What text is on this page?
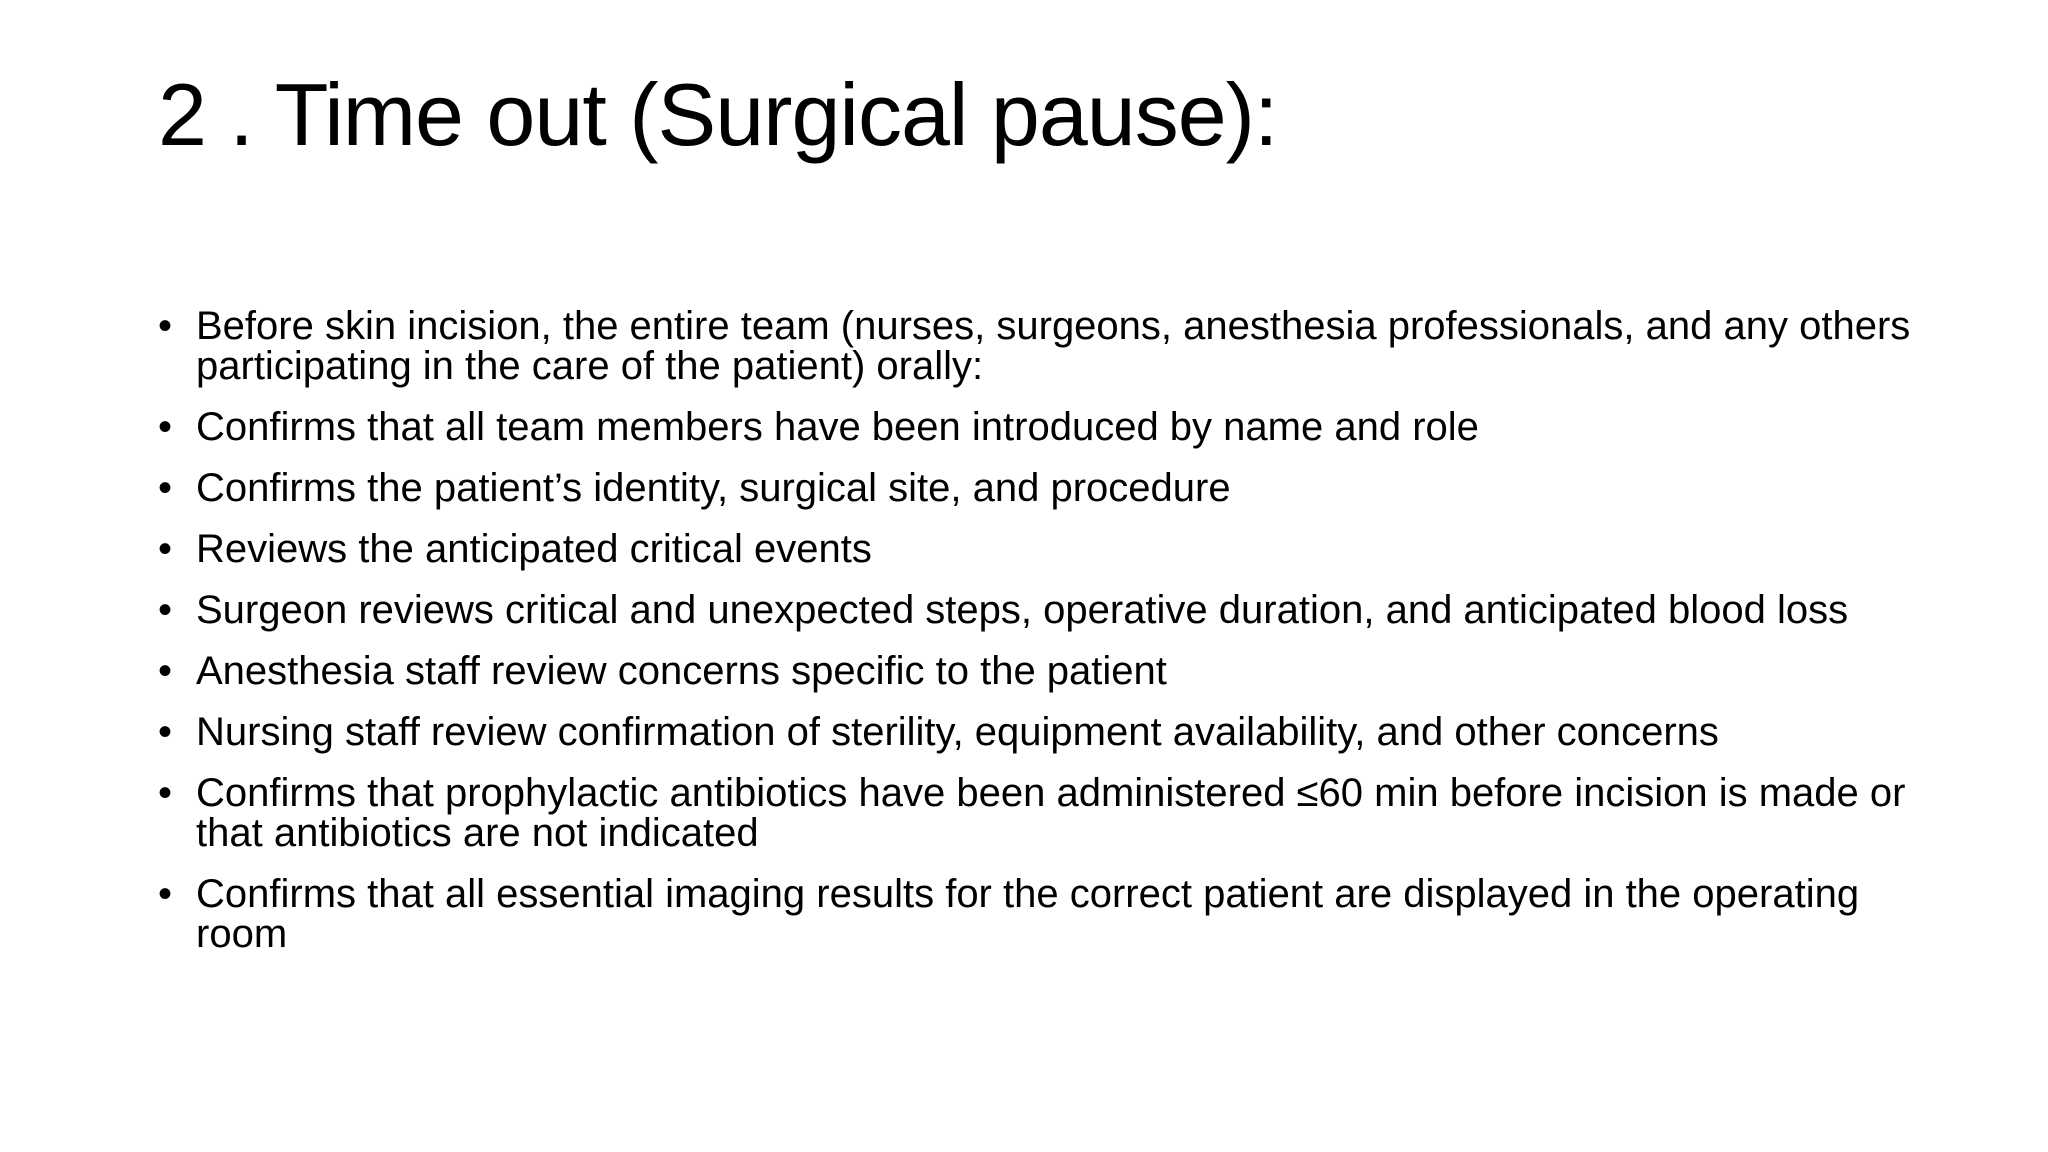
2 . Time out (Surgical pause):
• Before skin incision, the entire team (nurses, surgeons, anesthesia professionals, and any others participating in the care of the patient) orally:
• Confirms that all team members have been introduced by name and role
• Confirms the patient’s identity, surgical site, and procedure
• Reviews the anticipated critical events
• Surgeon reviews critical and unexpected steps, operative duration, and anticipated blood loss
• Anesthesia staff review concerns specific to the patient
• Nursing staff review confirmation of sterility, equipment availability, and other concerns
• Confirms that prophylactic antibiotics have been administered ≤60 min before incision is made or that antibiotics are not indicated
• Confirms that all essential imaging results for the correct patient are displayed in the operating room
